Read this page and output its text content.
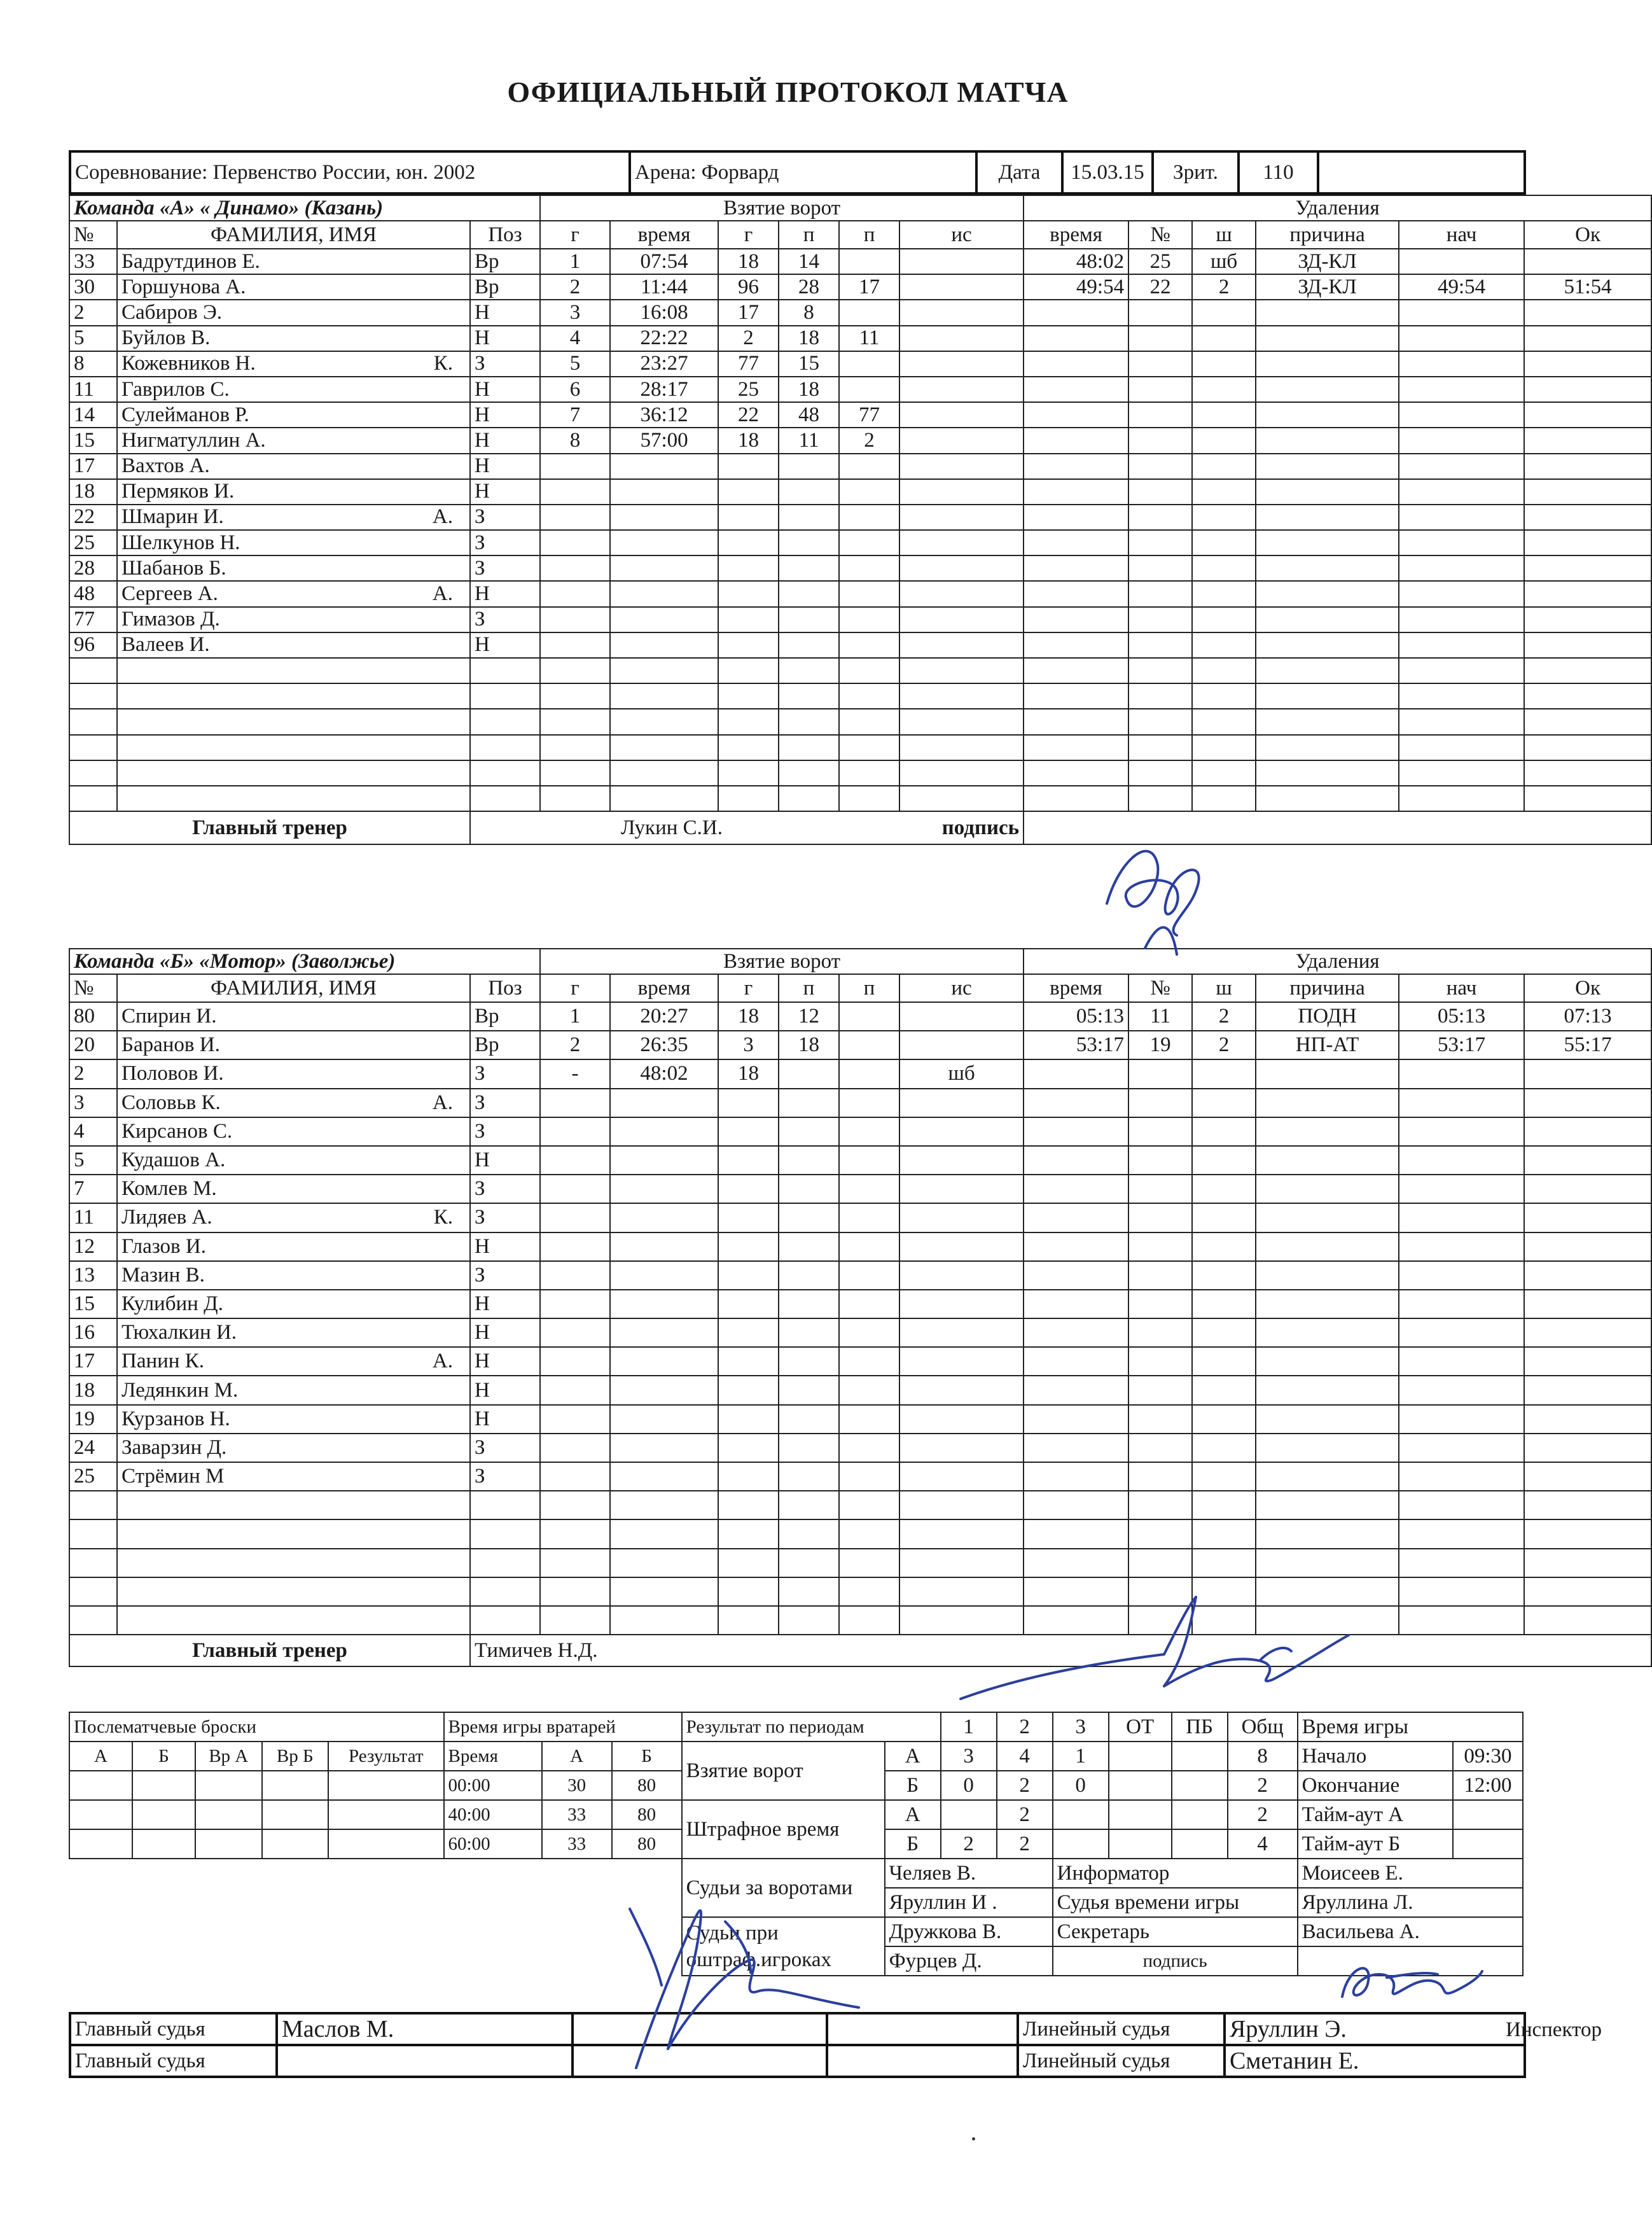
ОФИЦИАЛЬНЫЙ ПРОТОКОЛ МАТЧА
Соревнование: Первенство России, юн. 2002	Арена: Форвард	Дата	15.03.15	Зрит.	110	
Команда «А» « Динамо» (Казань)			Взятие ворот						Удаления					
№	ФАМИЛИЯ, ИМЯ	Поз	г	время	г	п	п	ис	время	№	ш	причина	нач	Ок
33	Бадрутдинов Е.	Вр	1	07:54	18	14			48:02	25	шб	ЗД-КЛ		
30	Горшунова А.	Вр	2	11:44	96	28	17		49:54	22	2	ЗД-КЛ	49:54	51:54
2	Сабиров Э.	Н	3	16:08	17	8								
5	Буйлов В.	Н	4	22:22	2	18	11							
8	Кожевников Н. К.	З	5	23:27	77	15								
11	Гаврилов С.	Н	6	28:17	25	18								
14	Сулейманов Р.	Н	7	36:12	22	48	77							
15	Нигматуллин А.	Н	8	57:00	18	11	2							
17	Вахтов А.	Н												
18	Пермяков И.	Н												
22	Шмарин И. А.	З												
25	Шелкунов Н.	З												
28	Шабанов Б.	З												
48	Сергеев А. А.	Н												
77	Гимазов Д.	З												
96	Валеев И.	Н												

Главный тренер		Лукин С.И. подпись												

Команда «Б» «Мотор» (Заволжье)			Взятие ворот						Удаления					
№	ФАМИЛИЯ, ИМЯ	Поз	г	время	г	п	п	ис	время	№	ш	причина	нач	Ок
80	Спирин И.	Вр	1	20:27	18	12			05:13	11	2	ПОДН	05:13	07:13
20	Баранов И.	Вр	2	26:35	3	18			53:17	19	2	НП-АТ	53:17	55:17
2	Половов И.	З	-	48:02	18			шб						
3	Соловьв К. А.	З												
4	Кирсанов С.	З												
5	Кудашов А.	Н												
7	Комлев М.	З												
11	Лидяев А. К.	З												
12	Глазов И.	Н												
13	Мазин В.	З												
15	Кулибин Д.	Н												
16	Тюхалкин И.	Н												
17	Панин К. А.	Н												
18	Ледянкин М.	Н												
19	Курзанов Н.	Н												
24	Заварзин Д.	З												
25	Стрёмин М	З												

Главный тренер		Тимичев Н.Д.												
Послематчевые броски					Время игры вратарей			Результат по периодам		1	2	3	ОТ	ПБ	Общ	Время игры	
А	Б	Вр А	Вр Б	Результат	Время	А	Б	Взятие ворот	А	3	4	1			8	Начало	09:30
					00:00	30	80		Б	0	2	0			2	Окончание	12:00
					40:00	33	80	Штрафное время	А		2				2	Тайм-аут А	
					60:00	33	80		Б	2	2				4	Тайм-аут Б	
								Судьи за воротами	Челяев В.			Информатор				Моисеев Е.	
									Яруллин И .			Судья времени игры				Яруллина Л.	
								Судьи при оштраф.игроках	Дружкова В.			Секретарь				Васильева А.	
									Фурцев Д.			подпись					
Главный судья	Маслов М.			Линейный судья	Яруллин Э. Инспектор

Главный судья				Линейный судья	Сметанин Е.
